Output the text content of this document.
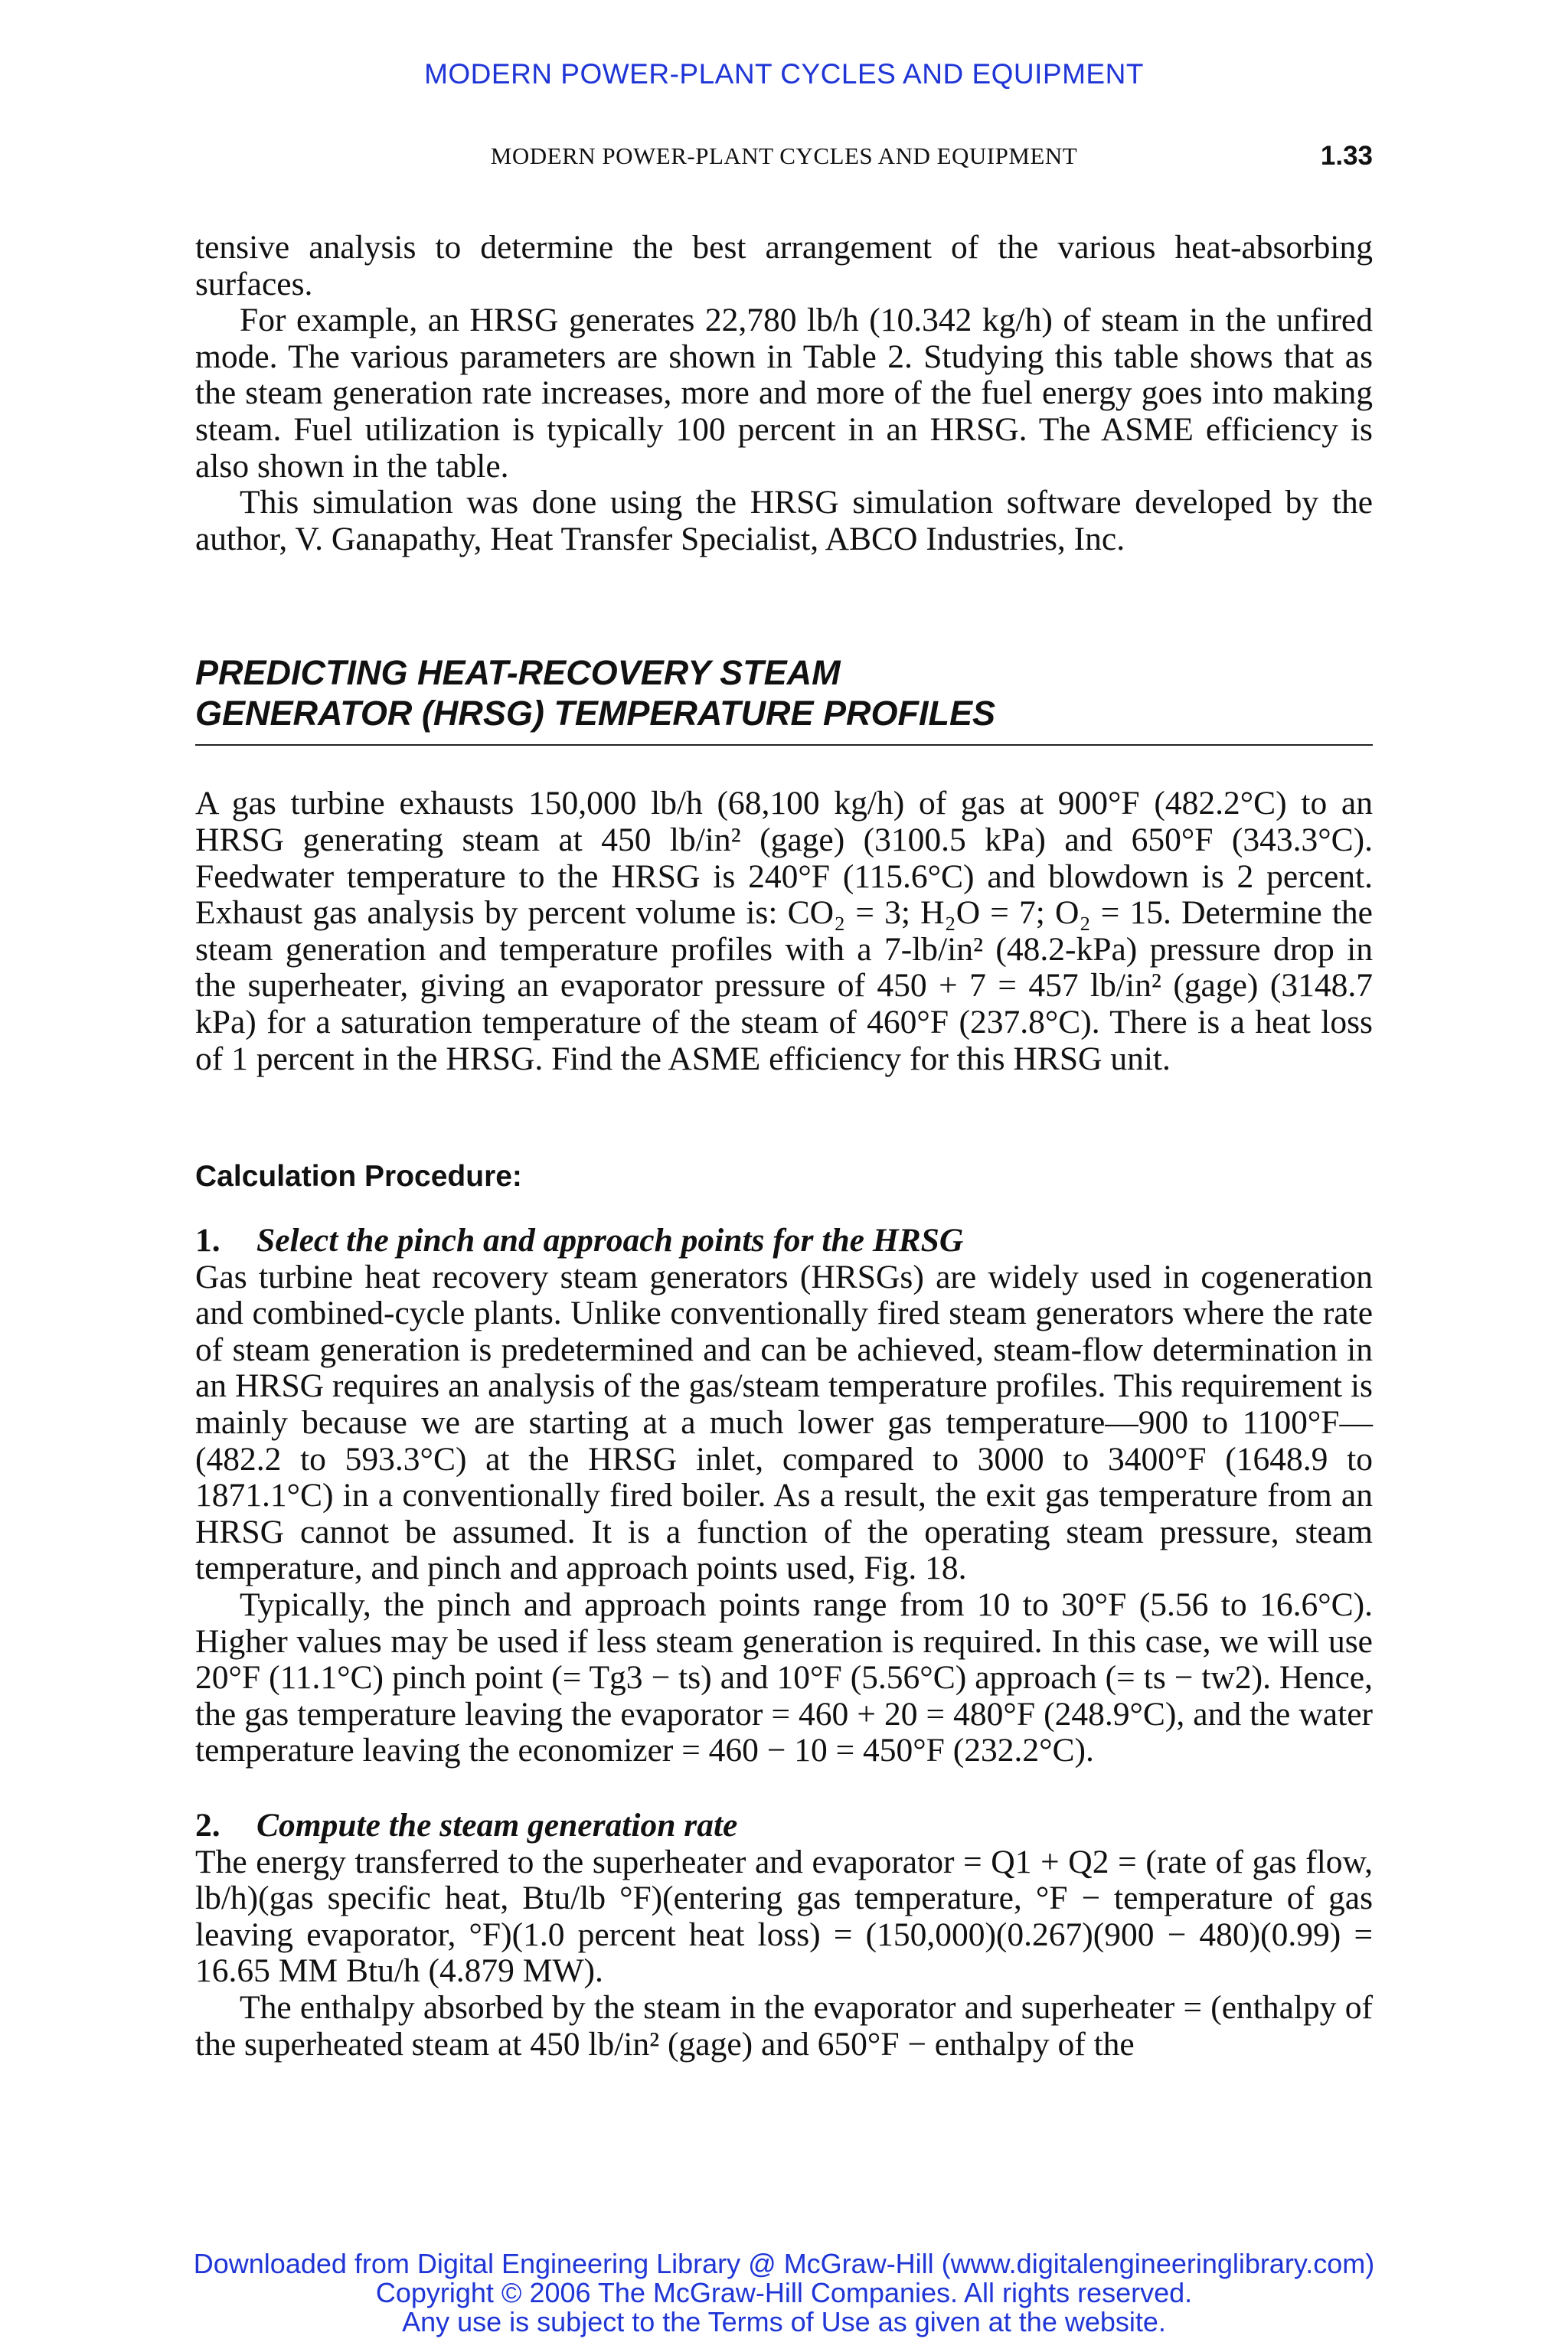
MODERN POWER-PLANT CYCLES AND EQUIPMENT
MODERN POWER-PLANT CYCLES AND EQUIPMENT	1.33

tensive analysis to determine the best arrangement of the various heat-absorbing surfaces.

For example, an HRSG generates 22,780 lb/h (10.342 kg/h) of steam in the unfired mode. The various parameters are shown in Table 2. Studying this table shows that as the steam generation rate increases, more and more of the fuel energy goes into making steam. Fuel utilization is typically 100 percent in an HRSG. The ASME efficiency is also shown in the table.

This simulation was done using the HRSG simulation software developed by the author, V. Ganapathy, Heat Transfer Specialist, ABCO Industries, Inc.

PREDICTING HEAT-RECOVERY STEAM
GENERATOR (HRSG) TEMPERATURE PROFILES

A gas turbine exhausts 150,000 lb/h (68,100 kg/h) of gas at 900°F (482.2°C) to an HRSG generating steam at 450 lb/in² (gage) (3100.5 kPa) and 650°F (343.3°C). Feedwater temperature to the HRSG is 240°F (115.6°C) and blowdown is 2 percent. Exhaust gas analysis by percent volume is: CO₂ = 3; H₂O = 7; O₂ = 15. Determine the steam generation and temperature profiles with a 7-lb/in² (48.2-kPa) pressure drop in the superheater, giving an evaporator pressure of 450 + 7 = 457 lb/in² (gage) (3148.7 kPa) for a saturation temperature of the steam of 460°F (237.8°C). There is a heat loss of 1 percent in the HRSG. Find the ASME efficiency for this HRSG unit.

Calculation Procedure:
1. Select the pinch and approach points for the HRSG

Gas turbine heat recovery steam generators (HRSGs) are widely used in cogeneration and combined-cycle plants. Unlike conventionally fired steam generators where the rate of steam generation is predetermined and can be achieved, steam-flow determination in an HRSG requires an analysis of the gas/steam temperature profiles. This requirement is mainly because we are starting at a much lower gas temperature—900 to 1100°F—(482.2 to 593.3°C) at the HRSG inlet, compared to 3000 to 3400°F (1648.9 to 1871.1°C) in a conventionally fired boiler. As a result, the exit gas temperature from an HRSG cannot be assumed. It is a function of the operating steam pressure, steam temperature, and pinch and approach points used, Fig. 18.

Typically, the pinch and approach points range from 10 to 30°F (5.56 to 16.6°C). Higher values may be used if less steam generation is required. In this case, we will use 20°F (11.1°C) pinch point (= Tg3 − ts) and 10°F (5.56°C) approach (= ts − tw2). Hence, the gas temperature leaving the evaporator = 460 + 20 = 480°F (248.9°C), and the water temperature leaving the economizer = 460 − 10 = 450°F (232.2°C).

2. Compute the steam generation rate

The energy transferred to the superheater and evaporator = Q1 + Q2 = (rate of gas flow, lb/h)(gas specific heat, Btu/lb °F)(entering gas temperature, °F − temperature of gas leaving evaporator, °F)(1.0 percent heat loss) = (150,000)(0.267)(900 − 480)(0.99) = 16.65 MM Btu/h (4.879 MW).

The enthalpy absorbed by the steam in the evaporator and superheater = (enthalpy of the superheated steam at 450 lb/in² (gage) and 650°F − enthalpy of the

Downloaded from Digital Engineering Library @ McGraw-Hill (www.digitalengineeringlibrary.com)
Copyright © 2006 The McGraw-Hill Companies. All rights reserved.
Any use is subject to the Terms of Use as given at the website.
